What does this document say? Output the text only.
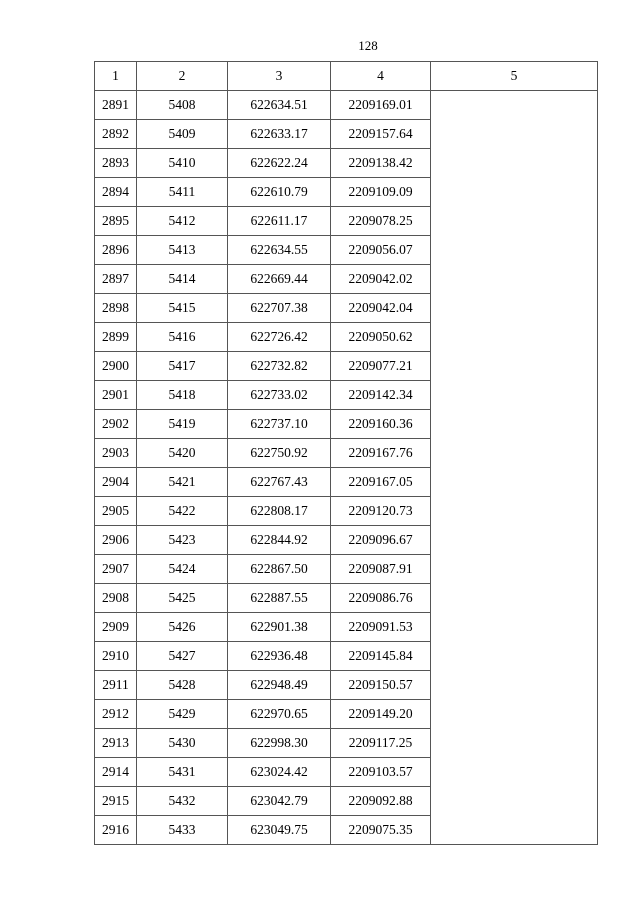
128
1	2	3	4	5
2891	5408	622634.51	2209169.01	
2892	5409	622633.17	2209157.64	
2893	5410	622622.24	2209138.42	
2894	5411	622610.79	2209109.09	
2895	5412	622611.17	2209078.25	
2896	5413	622634.55	2209056.07	
2897	5414	622669.44	2209042.02	
2898	5415	622707.38	2209042.04	
2899	5416	622726.42	2209050.62	
2900	5417	622732.82	2209077.21	
2901	5418	622733.02	2209142.34	
2902	5419	622737.10	2209160.36	
2903	5420	622750.92	2209167.76	
2904	5421	622767.43	2209167.05	
2905	5422	622808.17	2209120.73	
2906	5423	622844.92	2209096.67	
2907	5424	622867.50	2209087.91	
2908	5425	622887.55	2209086.76	
2909	5426	622901.38	2209091.53	
2910	5427	622936.48	2209145.84	
2911	5428	622948.49	2209150.57	
2912	5429	622970.65	2209149.20	
2913	5430	622998.30	2209117.25	
2914	5431	623024.42	2209103.57	
2915	5432	623042.79	2209092.88	
2916	5433	623049.75	2209075.35	
